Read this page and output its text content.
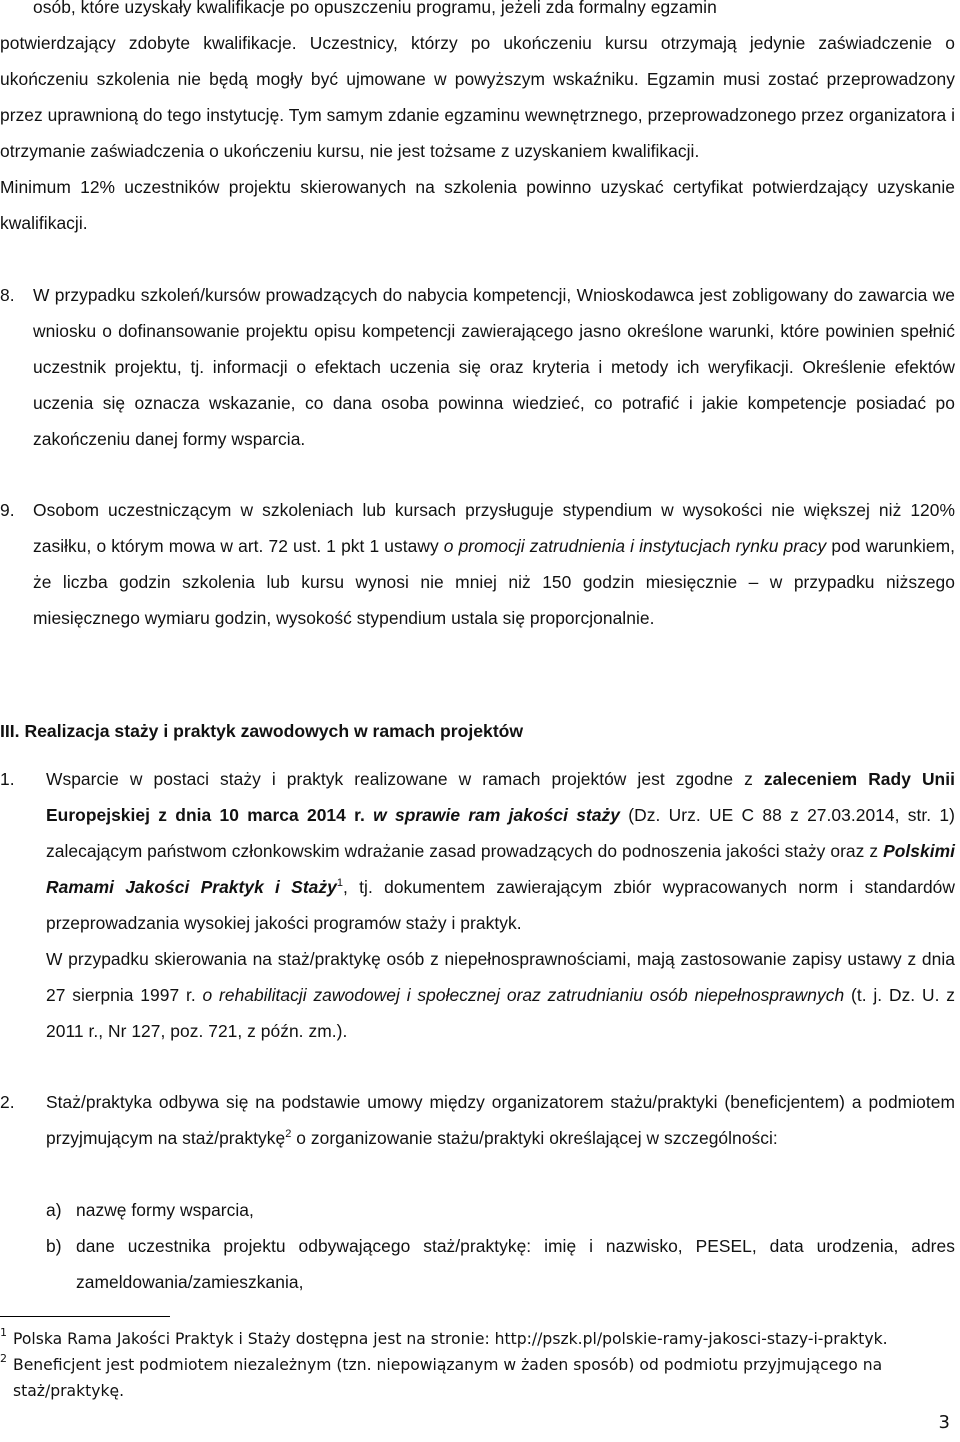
osób, które uzyskały kwalifikacje po opuszczeniu programu, jeżeli zda formalny egzamin

potwierdzający zdobyte kwalifikacje. Uczestnicy, którzy po ukończeniu kursu otrzymają jedynie zaświadczenie o ukończeniu szkolenia nie będą mogły być ujmowane w powyższym wskaźniku. Egzamin musi zostać przeprowadzony przez uprawnioną do tego instytucję. Tym samym zdanie egzaminu wewnętrznego, przeprowadzonego przez organizatora i otrzymanie zaświadczenia o ukończeniu kursu, nie jest tożsame z uzyskaniem kwalifikacji.

Minimum 12% uczestników projektu skierowanych na szkolenia powinno uzyskać certyfikat potwierdzający uzyskanie kwalifikacji.

8. W przypadku szkoleń/kursów prowadzących do nabycia kompetencji, Wnioskodawca jest zobligowany do zawarcia we wniosku o dofinansowanie projektu opisu kompetencji zawierającego jasno określone warunki, które powinien spełnić uczestnik projektu, tj. informacji o efektach uczenia się oraz kryteria i metody ich weryfikacji. Określenie efektów uczenia się oznacza wskazanie, co dana osoba powinna wiedzieć, co potrafić i jakie kompetencje posiadać po zakończeniu danej formy wsparcia.

9. Osobom uczestniczącym w szkoleniach lub kursach przysługuje stypendium w wysokości nie większej niż 120% zasiłku, o którym mowa w art. 72 ust. 1 pkt 1 ustawy o promocji zatrudnienia i instytucjach rynku pracy pod warunkiem, że liczba godzin szkolenia lub kursu wynosi nie mniej niż 150 godzin miesięcznie – w przypadku niższego miesięcznego wymiaru godzin, wysokość stypendium ustala się proporcjonalnie.

III. Realizacja staży i praktyk zawodowych w ramach projektów
1. Wsparcie w postaci staży i praktyk realizowane w ramach projektów jest zgodne z zaleceniem Rady Unii Europejskiej z dnia 10 marca 2014 r. w sprawie ram jakości staży (Dz. Urz. UE C 88 z 27.03.2014, str. 1) zalecającym państwom członkowskim wdrażanie zasad prowadzących do podnoszenia jakości staży oraz z Polskimi Ramami Jakości Praktyk i Staży$^1$, tj. dokumentem zawierającym zbiór wypracowanych norm i standardów przeprowadzania wysokiej jakości programów staży i praktyk.

W przypadku skierowania na staż/praktykę osób z niepełnosprawnościami, mają zastosowanie zapisy ustawy z dnia 27 sierpnia 1997 r. o rehabilitacji zawodowej i społecznej oraz zatrudnianiu osób niepełnosprawnych (t. j. Dz. U. z 2011 r., Nr 127, poz. 721, z późn. zm.).

2. Staż/praktyka odbywa się na podstawie umowy między organizatorem stażu/praktyki (beneficjentem) a podmiotem przyjmującym na staż/praktykę$^2$ o zorganizowanie stażu/praktyki określającej w szczególności:

a) nazwę formy wsparcia,
b) dane uczestnika projektu odbywającego staż/praktykę: imię i nazwisko, PESEL, data urodzenia, adres zameldowania/zamieszkania,
1 Polska Rama Jakości Praktyk i Staży dostępna jest na stronie: http://pszk.pl/polskie-ramy-jakosci-stazy-i-praktyk.
2 Beneficjent jest podmiotem niezależnym (tzn. niepowiązanym w żaden sposób) od podmiotu przyjmującego na staż/praktykę.
3
